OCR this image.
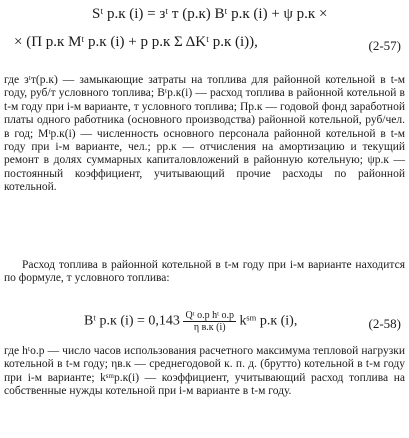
Sᵗ р.к (i) = зᵗ т (р.к) Bᵗ р.к (i) + ψ р.к ×
× (П р.к Mᵗ р.к (i) + p р.к Σ ΔKᵗ р.к (i)),	(2-57)

где зᵗт(р.к) — замыкающие затраты на топлива для районной котельной в t-м году, руб/т условного топлива; Bᵗр.к(i) — расход топлива в районной котельной в t-м году при i-м варианте, т условного топлива; Пр.к — годовой фонд заработной платы одного работника (основного производства) районной котельной, руб/чел. в год; Mᵗр.к(i) — численность основного персонала районной котельной в t-м году при i-м варианте, чел.; pр.к — отчисления на амортизацию и текущий ремонт в долях суммарных капиталовложений в районную котельную; ψр.к — постоянный коэффициент, учитывающий прочие расходы по районной котельной.

Расход топлива в районной котельной в t-м году при i-м варианте находится по формуле, т условного топлива:

Bᵗ р.к $(i) = 0,143 \frac{\text{Qᵗ о.р hᵗ о.р}}{\text{η в.к (i)}}$ kˢᵐ р.к (i),	(2-58)

где hᵗо.р — число часов использования расчетного максимума тепловой нагрузки котельной в t-м году; ηв.к — среднегодовой к. п. д. (брутто) котельной в t-м году при i-м варианте; kˢᵐр.к(i) — коэффициент, учитывающий расход топлива на собственные нужды котельной при i-м варианте в t-м году.
